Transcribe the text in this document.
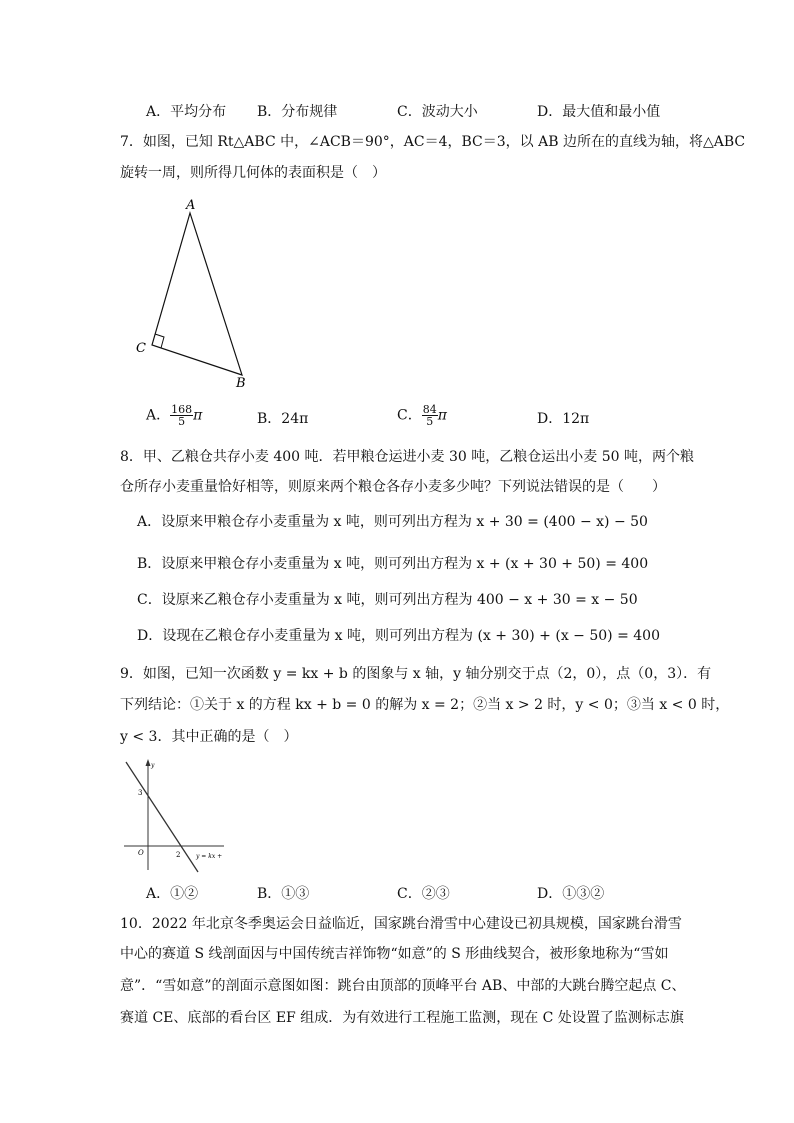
A．平均分布 B．分布规律	C．波动大小	D．最大值和最小值
7．如图，已知 Rt△ABC 中，∠ACB＝90°，AC＝4，BC＝3，以 AB 边所在的直线为轴，将△ABC
旋转一周，则所得几何体的表面积是（　）
A
C
B
A． $\frac{168}{5}$ π	B．24π	C． $\frac{84}{5}$ π	D．12π
8．甲、乙粮仓共存小麦 400 吨．若甲粮仓运进小麦 30 吨，乙粮仓运出小麦 50 吨，两个粮
仓所存小麦重量恰好相等，则原来两个粮仓各存小麦多少吨？下列说法错误的是（　　）
A．设原来甲粮仓存小麦重量为 x 吨，则可列出方程为 x + 30 = (400 − x) − 50
B．设原来甲粮仓存小麦重量为 x 吨，则可列出方程为 x + (x + 30 + 50) = 400
C．设原来乙粮仓存小麦重量为 x 吨，则可列出方程为 400 − x + 30 = x − 50
D．设现在乙粮仓存小麦重量为 x 吨，则可列出方程为 (x + 30) + (x − 50) = 400
9．如图，已知一次函数 y = kx + b 的图象与 x 轴，y 轴分别交于点（2，0），点（0，3）．有
下列结论：①关于 x 的方程 kx + b = 0 的解为 x = 2；②当 x > 2 时，y < 0；③当 x < 0 时，
y < 3．其中正确的是（　）
y
3
O	2	y = kx +
A．①②	B．①③	C．②③	D．①③②
10．2022 年北京冬季奥运会日益临近，国家跳台滑雪中心建设已初具规模，国家跳台滑雪
中心的赛道 S 线剖面因与中国传统吉祥饰物“如意”的 S 形曲线契合，被形象地称为“雪如
意”．“雪如意”的剖面示意图如图：跳台由顶部的顶峰平台 AB、中部的大跳台腾空起点 C、
赛道 CE、底部的看台区 EF 组成．为有效进行工程施工监测，现在 C 处设置了监测标志旗
